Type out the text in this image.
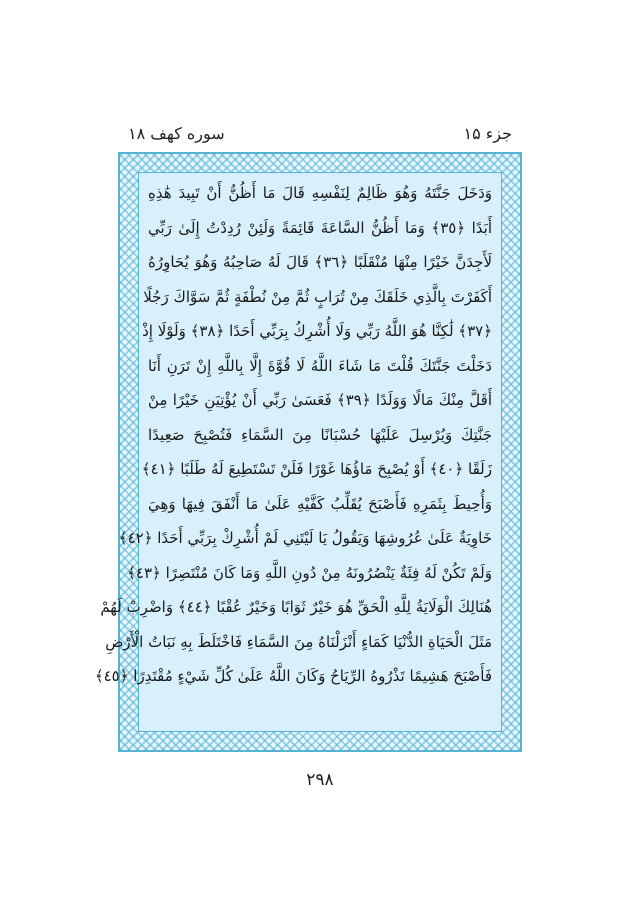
جزء ۱۵
سوره کهف ۱۸
وَدَخَلَ جَنَّتَهُ وَهُوَ ظَالِمٌ لِنَفْسِهِ قَالَ مَا أَظُنُّ أَنْ تَبِيدَ هَٰذِهِ
أَبَدًا ﴿٣٥﴾ وَمَا أَظُنُّ السَّاعَةَ قَائِمَةً وَلَئِنْ رُدِدْتُ إِلَىٰ رَبِّي
لَأَجِدَنَّ خَيْرًا مِنْهَا مُنْقَلَبًا ﴿٣٦﴾ قَالَ لَهُ صَاحِبُهُ وَهُوَ يُحَاوِرُهُ
أَكَفَرْتَ بِالَّذِي خَلَقَكَ مِنْ تُرَابٍ ثُمَّ مِنْ نُطْفَةٍ ثُمَّ سَوَّاكَ رَجُلًا
﴿٣٧﴾ لَٰكِنَّا هُوَ اللَّهُ رَبِّي وَلَا أُشْرِكُ بِرَبِّي أَحَدًا ﴿٣٨﴾ وَلَوْلَا إِذْ
دَخَلْتَ جَنَّتَكَ قُلْتَ مَا شَاءَ اللَّهُ لَا قُوَّةَ إِلَّا بِاللَّهِ إِنْ تَرَنِ أَنَا
أَقَلَّ مِنْكَ مَالًا وَوَلَدًا ﴿٣٩﴾ فَعَسَىٰ رَبِّي أَنْ يُؤْتِيَنِ خَيْرًا مِنْ
جَنَّتِكَ وَيُرْسِلَ عَلَيْهَا حُسْبَانًا مِنَ السَّمَاءِ فَتُصْبِحَ صَعِيدًا
زَلَقًا ﴿٤٠﴾ أَوْ يُصْبِحَ مَاؤُهَا غَوْرًا فَلَنْ تَسْتَطِيعَ لَهُ طَلَبًا ﴿٤١﴾
وَأُحِيطَ بِثَمَرِهِ فَأَصْبَحَ يُقَلِّبُ كَفَّيْهِ عَلَىٰ مَا أَنْفَقَ فِيهَا وَهِيَ
خَاوِيَةٌ عَلَىٰ عُرُوشِهَا وَيَقُولُ يَا لَيْتَنِي لَمْ أُشْرِكْ بِرَبِّي أَحَدًا ﴿٤٢﴾
وَلَمْ تَكُنْ لَهُ فِئَةٌ يَنْصُرُونَهُ مِنْ دُونِ اللَّهِ وَمَا كَانَ مُنْتَصِرًا ﴿٤٣﴾
هُنَالِكَ الْوَلَايَةُ لِلَّهِ الْحَقِّ هُوَ خَيْرٌ ثَوَابًا وَخَيْرٌ عُقْبًا ﴿٤٤﴾ وَاضْرِبْ لَهُمْ
مَثَلَ الْحَيَاةِ الدُّنْيَا كَمَاءٍ أَنْزَلْنَاهُ مِنَ السَّمَاءِ فَاخْتَلَطَ بِهِ نَبَاتُ الْأَرْضِ
فَأَصْبَحَ هَشِيمًا تَذْرُوهُ الرِّيَاحُ وَكَانَ اللَّهُ عَلَىٰ كُلِّ شَيْءٍ مُقْتَدِرًا ﴿٤٥﴾
۲۹۸
